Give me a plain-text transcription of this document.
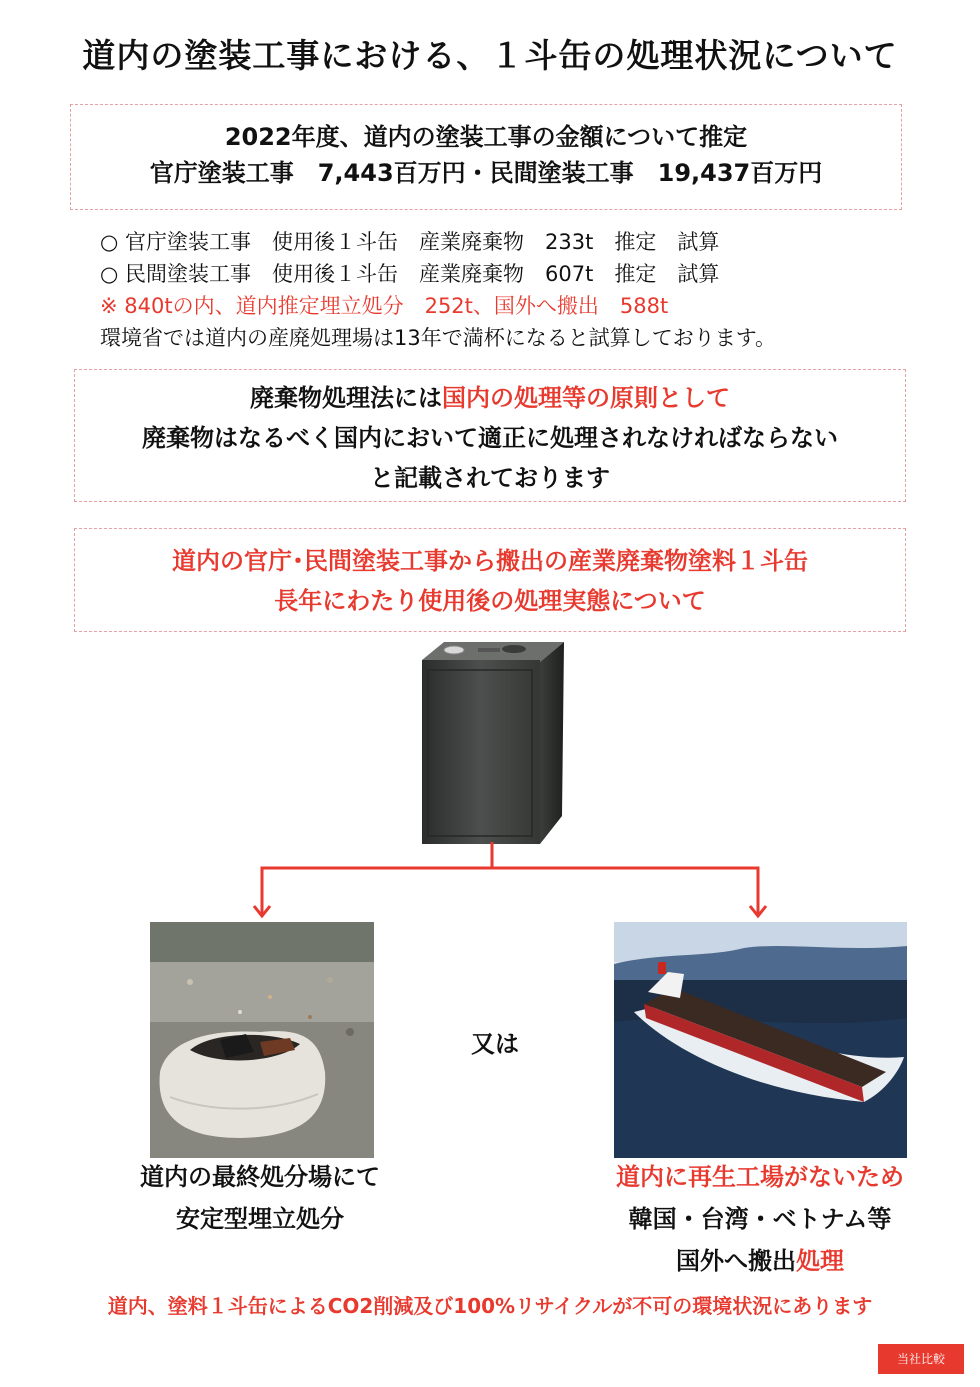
道内の塗装工事における、１斗缶の処理状況について
2022年度、道内の塗装工事の金額について推定
官庁塗装工事　7,443百万円・民間塗装工事　19,437百万円
○ 官庁塗装工事　使用後１斗缶　産業廃棄物　233t　推定　試算
○ 民間塗装工事　使用後１斗缶　産業廃棄物　607t　推定　試算
※ 840tの内、道内推定埋立処分　252t、国外へ搬出　588t
環境省では道内の産廃処理場は13年で満杯になると試算しております。
廃棄物処理法には国内の処理等の原則として
廃棄物はなるべく国内において適正に処理されなければならない
と記載されております
道内の官庁･民間塗装工事から搬出の産業廃棄物塗料１斗缶
長年にわたり使用後の処理実態について
又は
道内の最終処分場にて
安定型埋立処分
道内に再生工場がないため
韓国・台湾・ベトナム等
国外へ搬出処理
道内、塗料１斗缶によるCO2削減及び100%リサイクルが不可の環境状況にあります
当社比較
